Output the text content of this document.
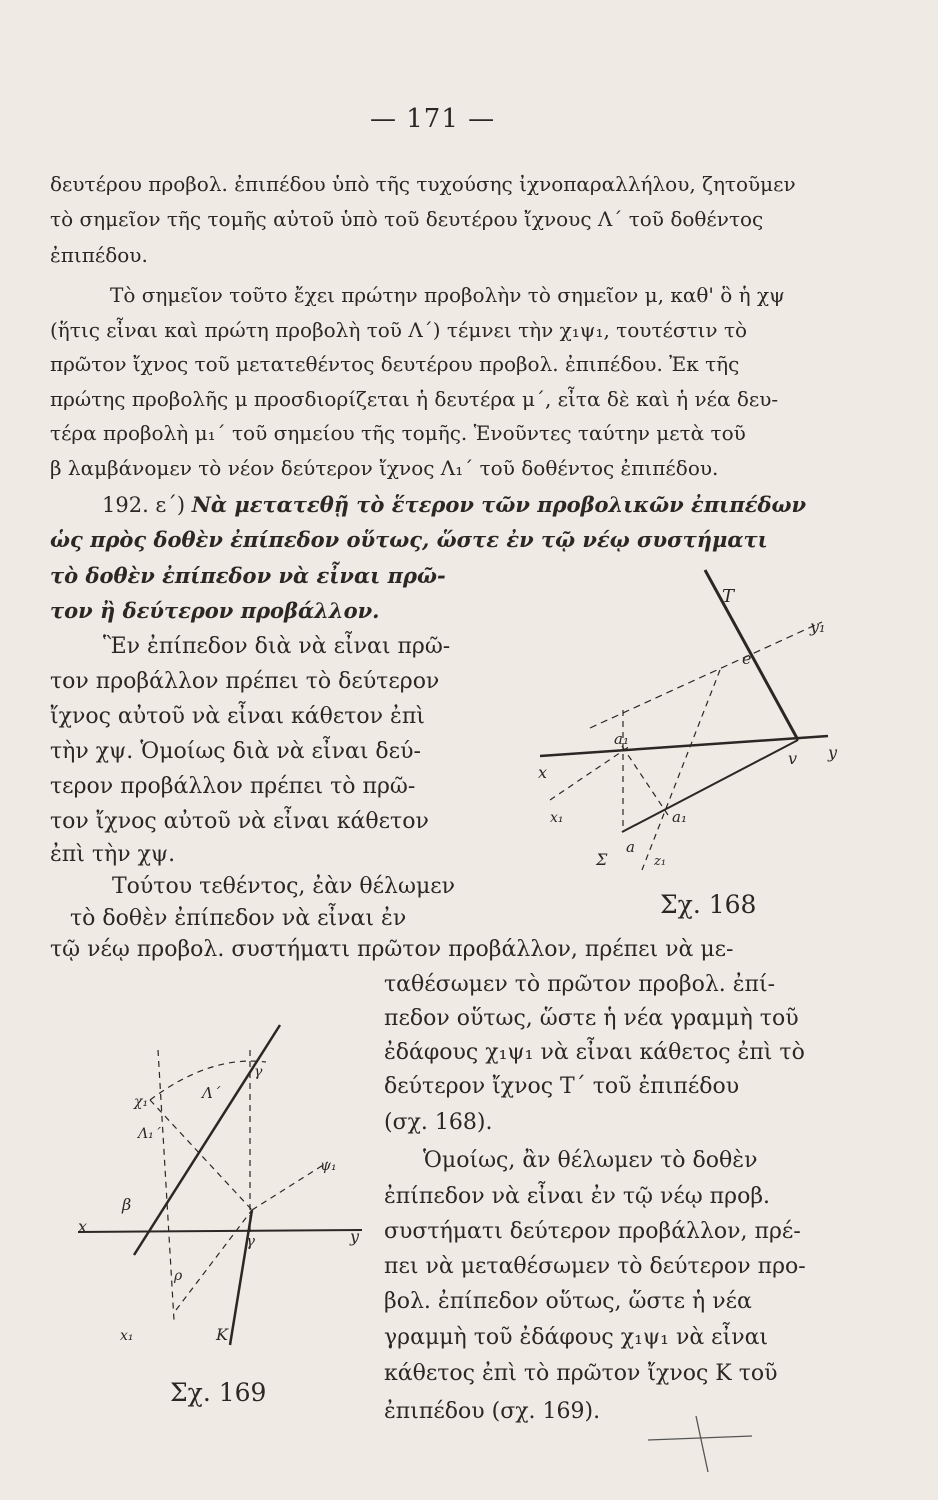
— 171 —
δευτέρου προβολ. ἐπιπέδου ὑπὸ τῆς τυχούσης ἰχνοπαραλλήλου, ζητοῦμεν
τὸ σημεῖον τῆς τομῆς αὐτοῦ ὑπὸ τοῦ δευτέρου ἴχνους Λ΄ τοῦ δοθέντος
ἐπιπέδου.
Τὸ σημεῖον τοῦτο ἔχει πρώτην προβολὴν τὸ σημεῖον μ, καθ' ὃ ἡ χψ
(ἥτις εἶναι καὶ πρώτη προβολὴ τοῦ Λ΄) τέμνει τὴν χ₁ψ₁, τουτέστιν τὸ
πρῶτον ἴχνος τοῦ μετατεθέντος δευτέρου προβολ. ἐπιπέδου. Ἐκ τῆς
πρώτης προβολῆς μ προσδιορίζεται ἡ δευτέρα μ΄, εἶτα δὲ καὶ ἡ νέα δευ-
τέρα προβολὴ μ₁΄ τοῦ σημείου τῆς τομῆς. Ἑνοῦντες ταύτην μετὰ τοῦ
β λαμβάνομεν τὸ νέον δεύτερον ἴχνος Λ₁΄ τοῦ δοθέντος ἐπιπέδου.
192. ε΄) Νὰ μετατεθῇ τὸ ἕτερον τῶν προβολικῶν ἐπιπέδων
ὡς πρὸς δοθὲν ἐπίπεδον οὕτως, ὥστε ἐν τῷ νέῳ συστήματι
τὸ δοθὲν ἐπίπεδον νὰ εἶναι πρῶ-
τον ἢ δεύτερον προβάλλον.
Ἓν ἐπίπεδον διὰ νὰ εἶναι πρῶ-
τον προβάλλον πρέπει τὸ δεύτερον
ἴχνος αὐτοῦ νὰ εἶναι κάθετον ἐπὶ
τὴν χψ. Ὁμοίως διὰ νὰ εἶναι δεύ-
τερον προβάλλον πρέπει τὸ πρῶ-
τον ἴχνος αὐτοῦ νὰ εἶναι κάθετον
ἐπὶ τὴν χψ.
Τούτου τεθέντος, ἐὰν θέλωμεν
τὸ δοθὲν ἐπίπεδον νὰ εἶναι ἐν
τῷ νέῳ προβολ. συστήματι πρῶτον προβάλλον, πρέπει νὰ με-
ταθέσωμεν τὸ πρῶτον προβολ. ἐπί-
πεδον οὕτως, ὥστε ἡ νέα γραμμὴ τοῦ
ἐδάφους χ₁ψ₁ νὰ εἶναι κάθετος ἐπὶ τὸ
δεύτερον ἴχνος Τ΄ τοῦ ἐπιπέδου
(σχ. 168).
Ὁμοίως, ἂν θέλωμεν τὸ δοθὲν
ἐπίπεδον νὰ εἶναι ἐν τῷ νέῳ προβ.
συστήματι δεύτερον προβάλλον, πρέ-
πει νὰ μεταθέσωμεν τὸ δεύτερον προ-
βολ. ἐπίπεδον οὕτως, ὥστε ἡ νέα
γραμμὴ τοῦ ἐδάφους χ₁ψ₁ νὰ εἶναι
κάθετος ἐπὶ τὸ πρῶτον ἴχνος Κ τοῦ
ἐπιπέδου (σχ. 169).
T
y₁
e
a₁
x
v y
x₁	a₁
a
Σ	z₁
Σχ. 168
γ
χ₁	Λ΄
Λ₁΄
ψ₁
β
x
γ	y
ρ
x₁	K
Σχ. 169
